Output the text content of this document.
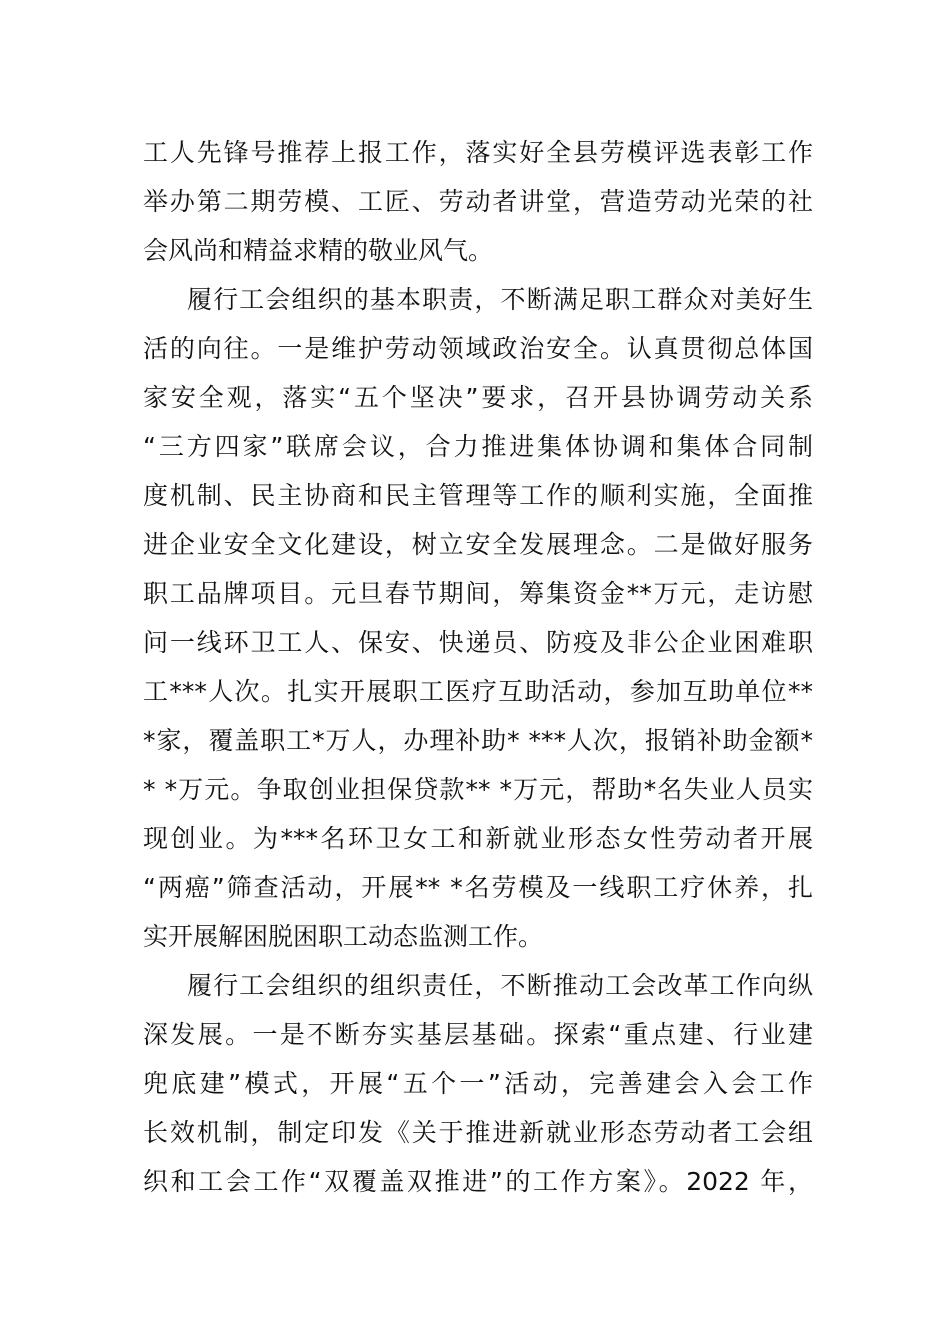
工人先锋号推荐上报工作，落实好全县劳模评选表彰工作
举办第二期劳模、工匠、劳动者讲堂，营造劳动光荣的社
会风尚和精益求精的敬业风气。
履行工会组织的基本职责，不断满足职工群众对美好生
活的向往。一是维护劳动领域政治安全。认真贯彻总体国
家安全观，落实“五个坚决”要求，召开县协调劳动关系
“三方四家”联席会议，合力推进集体协调和集体合同制
度机制、民主协商和民主管理等工作的顺利实施，全面推
进企业安全文化建设，树立安全发展理念。二是做好服务
职工品牌项目。元旦春节期间，筹集资金**万元，走访慰
问一线环卫工人、保安、快递员、防疫及非公企业困难职
工***人次。扎实开展职工医疗互助活动，参加互助单位**
*家，覆盖职工*万人，办理补助* ***人次，报销补助金额*
* *万元。争取创业担保贷款** *万元，帮助*名失业人员实
现创业。为***名环卫女工和新就业形态女性劳动者开展
“两癌”筛查活动，开展** *名劳模及一线职工疗休养，扎
实开展解困脱困职工动态监测工作。
履行工会组织的组织责任，不断推动工会改革工作向纵
深发展。一是不断夯实基层基础。探索“重点建、行业建
兜底建”模式，开展“五个一”活动，完善建会入会工作
长效机制，制定印发《关于推进新就业形态劳动者工会组
织和工会工作“双覆盖双推进”的工作方案》。2022 年，
